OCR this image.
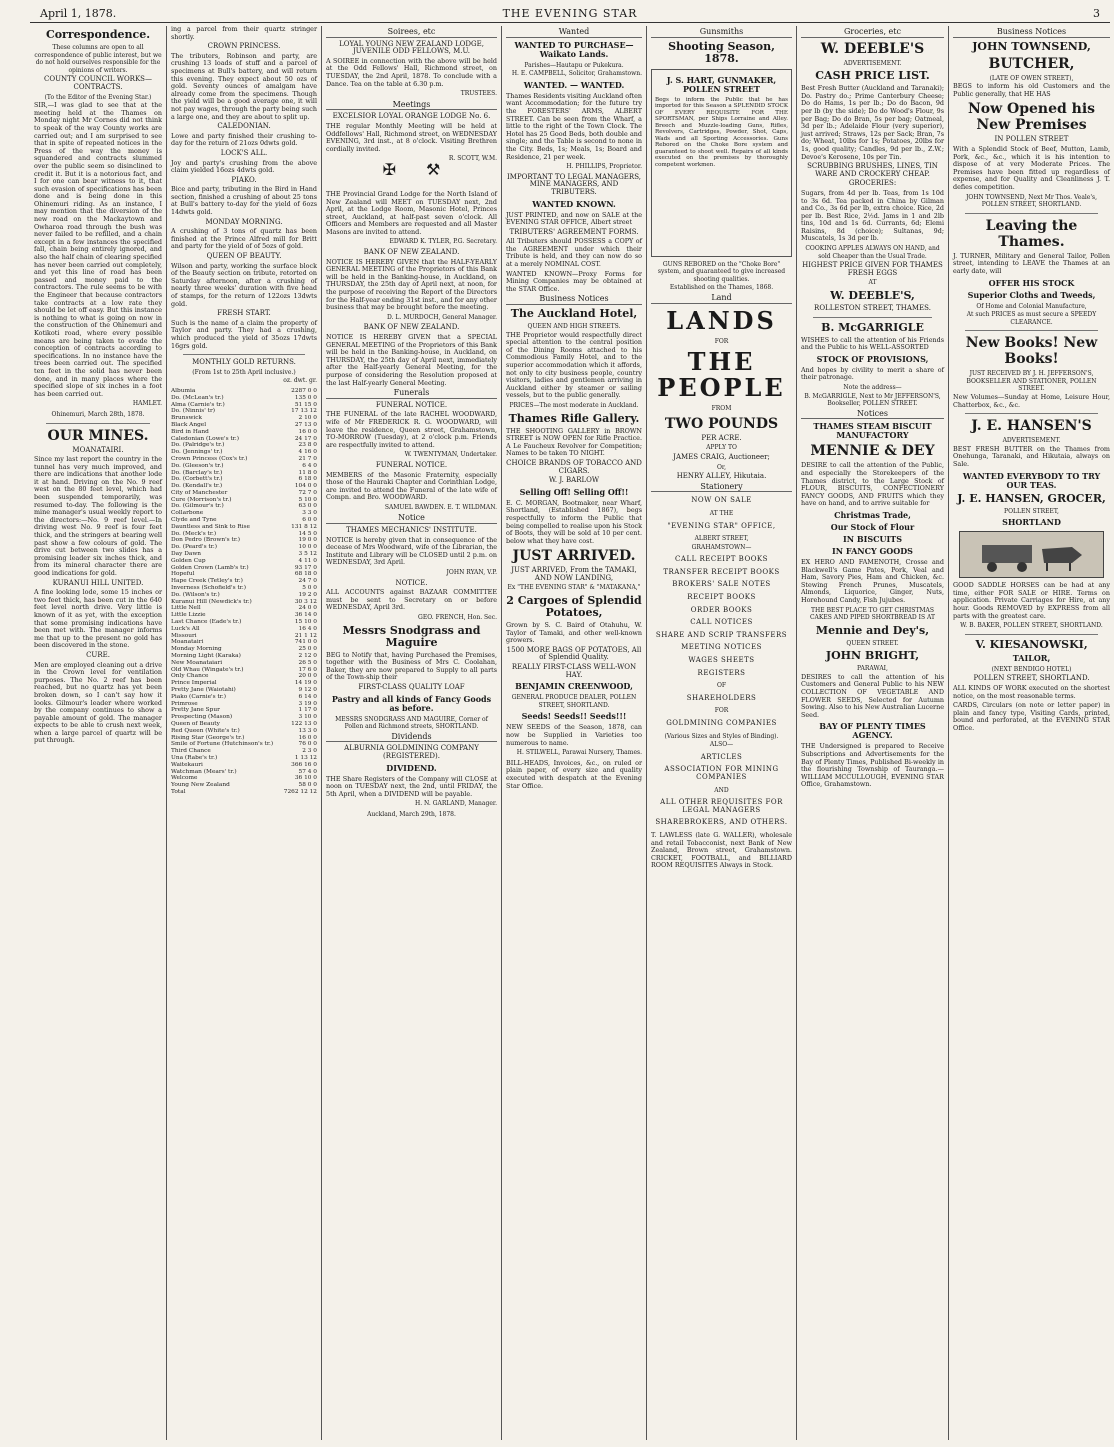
April 1, 1878.	THE EVENING STAR	3
Correspondence.
These columns are open to all correspondence of public interest, but we do not hold ourselves responsible for the opinions of writers.
COUNTY COUNCIL WORKS—CONTRACTS.
(To the Editor of the Evening Star.)
SIR,—I was glad to see that at the meeting held at the Thames on Monday night Mr Cornes did not think to speak of the way County works are carried out; and I am surprised to see that in spite of repeated notices in the Press of the way the money is squandered and contracts slummed over the public seem so disinclined to credit it. But it is a notorious fact, and I for one can bear witness to it, that such evasion of specifications has been done and is being done in this Ohinemuri riding. As an instance, I may mention that the diversion of the new road on the Mackaytown and Owharoa road through the bush was never failed to be refilled, and a chain except in a few instances the specified fall, chain being entirely ignored, and also the half chain of clearing specified has never been carried out completely, and yet this line of road has been passed and money paid to the contractors. The rule seems to be with the Engineer that because contractors take contracts at a low rate they should be let off easy. But this instance is nothing to what is going on now in the construction of the Ohinemuri and Kotikoti road, where every possible means are being taken to evade the conception of contracts according to specifications. In no instance have the trees been carried out. The specified ten feet in the solid has never been done, and in many places where the specified slope of six inches in a foot has been carried out.
HAMLET.
Ohinemuri, March 28th, 1878.
OUR MINES.
MOANATAIRI.
Since my last report the country in the tunnel has very much improved, and there are indications that another lode it at hand. Driving on the No. 9 reef west on the 80 feet level, which had been suspended temporarily, was resumed to-day. The following is the mine manager's usual weekly report to the directors:—No. 9 reef level.—In driving west No. 9 reef is four feet thick, and the stringers at bearing well past show a few colours of gold. The drive cut between two slides has a promising leader six inches thick, and from its mineral character there are good indications for gold.
KURANUI HILL UNITED.
A fine looking lode, some 15 inches or two feet thick, has been cut in the 640 feet level north drive. Very little is known of it as yet, with the exception that some promising indications have been met with. The manager informs me that up to the present no gold has been discovered in the stone.
CURE.
Men are employed cleaning out a drive in the Crown level for ventilation purposes. The No. 2 reef has been reached, but no quartz has yet been broken down, so I can't say how it looks. Gilmour's leader where worked by the company continues to show a payable amount of gold. The manager expects to be able to crush next week, when a large parcel of quartz will be put through.
ing a parcel from their quartz stringer shortly.
CROWN PRINCESS.
The tributers, Robinson and party, are crushing 13 loads of stuff and a parcel of specimens at Bull's battery, and will return this evening. They expect about 50 ozs of gold. Seventy ounces of amalgam have already come from the specimens. Though the yield will be a good average one, it will not pay wages, through the party being such a large one, and they are about to split up.
CALEDONIAN.
Lowe and party finished their crushing to-day for the return of 21ozs 0dwts gold.
LOCK'S ALL.
Joy and party's crushing from the above claim yielded 16ozs 4dwts gold.
PIAKO.
Bice and party, tributing in the Bird in Hand section, finished a crushing of about 25 tons at Bull's battery to-day for the yield of 6ozs 14dwts gold.
MONDAY MORNING.
A crushing of 3 tons of quartz has been finished at the Prince Alfred mill for Britt and party for the yield of of 5ozs of gold.
QUEEN OF BEAUTY.
Wilson and party, working the surface block of the Beauty section on tribute, retorted on Saturday afternoon, after a crushing of nearly three weeks' duration with five head of stamps, for the return of 122ozs 13dwts gold.
FRESH START.
Such is the name of a claim the property of Taylor and party. They had a crushing, which produced the yield of 35ozs 17dwts 16grs gold.
MONTHLY GOLD RETURNS.
(From 1st to 25th April inclusive.)
oz. dwt. gr.
Albumia	2287 0 0
Do. (McLean's tr.)	135 0 0
Alma (Carnie's tr.)	51 15 0
Do. (Ninnis' tr)	17 13 12
Brunswick	2 10 0
Black Angel	27 13 0
Bird in Hand	16 0 0
Caledonian (Lowe's tr.)	24 17 0
Do. (Palridge's tr.)	23 8 0
Do. (Jennings' tr.)	4 16 0
Crown Princess (Cox's tr.)	21 7 0
Do. (Gleeson's tr.)	6 4 0
Do. (Barclay's tr.)	11 8 0
Do. (Corbett's tr.)	6 18 0
Do. (Kendall's tr.)	104 0 0
City of Manchester	72 7 0
Cure (Morrison's tr.)	5 10 0
Do. (Gilmour's tr.)	63 0 0
Collarbone	3 3 0
Clyde and Tyne	6 0 0
Dauntless and Sink to Rise	131 8 12
Do. (Meck's tr.)	14 5 0
Don Pedro (Brown's tr.)	19 0 0
Do. (Peard's tr.)	10 0 0
Day Dawn	3 5 12
Golden Cup	4 11 0
Golden Crown (Lamb's tr.)	93 17 0
Hopeful	68 18 0
Hape Creek (Tetley's tr.)	24 7 0
Inverness (Schofield's tr.)	5 0 0
Do. (Wilson's tr.)	19 2 0
Kuranui Hill (Newdick's tr.)	30 3 12
Little Nell	24 0 0
Little Lizzie	36 14 0
Last Chance (Eade's tr.)	15 10 0
Luck's All	16 4 0
Missouri	21 1 12
Moanatairi	741 0 0
Monday Morning	25 0 0
Morning Light (Karaka)	2 12 0
New Moanataiari	26 5 0
Old Whau (Wingate's tr.)	17 6 0
Only Chance	20 0 0
Prince Imperial	14 19 0
Pretty Jane (Waiotahi)	9 12 0
Piako (Carnie's tr.)	6 14 0
Primrose	3 19 0
Pretty Jane Spur	1 17 0
Prospecting (Mason)	3 10 0
Queen of Beauty	122 13 0
Red Queen (White's tr.)	13 3 0
Rising Star (George's tr.)	16 0 0
Smile of Fortune (Hutchinson's tr.)	76 0 0
Third Chance	2 3 0
Una (Rabe's tr.)	1 13 12
Waitekauri	366 16 0
Watchman (Mears' tr.)	57 4 0
Welcome	36 10 0
Young New Zealand	58 0 0
Total	7262 12 12
Soirees, etc
LOYAL YOUNG NEW ZEALAND LODGE, JUVENILE ODD FELLOWS, M.U.
A SOIREE in connection with the above will be held at the Odd Fellows' Hall, Richmond street, on TUESDAY, the 2nd April, 1878. To conclude with a Dance. Tea on the table at 6.30 p.m.
TRUSTEES.
Meetings
EXCELSIOR LOYAL ORANGE LODGE No. 6.
THE regular Monthly Meeting will be held at Oddfellows' Hall, Richmond street, on WEDNESDAY EVENING, 3rd inst., at 8 o'clock. Visiting Brethren cordially invited.
R. SCOTT, W.M.
✠ ⚒
THE Provincial Grand Lodge for the North Island of New Zealand will MEET on TUESDAY next, 2nd April, at the Lodge Room, Masonic Hotel, Princes street, Auckland, at half-past seven o'clock. All Officers and Members are requested and all Master Masons are invited to attend.
EDWARD K. TYLER, P.G. Secretary.
BANK OF NEW ZEALAND.
NOTICE IS HEREBY GIVEN that the HALF-YEARLY GENERAL MEETING of the Proprietors of this Bank will be held in the Banking-house, in Auckland, on THURSDAY, the 25th day of April next, at noon, for the purpose of receiving the Report of the Directors for the Half-year ending 31st inst., and for any other business that may be brought before the meeting.
D. L. MURDOCH, General Manager.
BANK OF NEW ZEALAND.
NOTICE IS HEREBY GIVEN that a SPECIAL GENERAL MEETING of the Proprietors of this Bank will be held in the Banking-house, in Auckland, on THURSDAY, the 25th day of April next, immediately after the Half-yearly General Meeting, for the purpose of considering the Resolution proposed at the last Half-yearly General Meeting.
Funerals
FUNERAL NOTICE.
THE FUNERAL of the late RACHEL WOODWARD, wife of Mr FREDERICK R. G. WOODWARD, will leave the residence, Queen street, Grahamstown, TO-MORROW (Tuesday), at 2 o'clock p.m. Friends are respectfully invited to attend.
W. TWENTYMAN, Undertaker.
FUNERAL NOTICE.
MEMBERS of the Masonic Fraternity, especially those of the Hauraki Chapter and Corinthian Lodge, are invited to attend the Funeral of the late wife of Compn. and Bro. WOODWARD.
SAMUEL BAWDEN. E. T. WILDMAN.
Notice
THAMES MECHANICS' INSTITUTE.
NOTICE is hereby given that in consequence of the decease of Mrs Woodward, wife of the Librarian, the Institute and Library will be CLOSED until 2 p.m. on WEDNESDAY, 3rd April.
JOHN RYAN, V.P.
NOTICE.
ALL ACCOUNTS against BAZAAR COMMITTEE must be sent to Secretary on or before WEDNESDAY, April 3rd.
GEO. FRENCH, Hon. Sec.
Messrs Snodgrass and Maguire
BEG to Notify that, having Purchased the Premises, together with the Business of Mrs C. Coolahan, Baker, they are now prepared to Supply to all parts of the Town-ship their
FIRST-CLASS QUALITY LOAF
Pastry and all kinds of Fancy Goods as before.
MESSRS SNODGRASS AND MAGUIRE, Corner of Pollen and Richmond streets, SHORTLAND.
Dividends
ALBURNIA GOLDMINING COMPANY (REGISTERED).
DIVIDEND.
THE Share Registers of the Company will CLOSE at noon on TUESDAY next, the 2nd, until FRIDAY, the 5th April, when a DIVIDEND will be payable.
H. N. GARLAND, Manager.
Auckland, March 29th, 1878.
Wanted
WANTED TO PURCHASE— Waikato Lands.
Parishes—Hautapu or Pukekura.
H. E. CAMPBELL, Solicitor, Grahamstown.
WANTED. — WANTED.
Thames Residents visiting Auckland often want Accommodation; for the future try the FORESTERS' ARMS, ALBERT STREET. Can be seen from the Wharf, a little to the right of the Town Clock. The Hotel has 25 Good Beds, both double and single; and the Table is second to none in the City. Beds, 1s; Meals, 1s; Board and Residence, 21 per week.
H. PHILLIPS, Proprietor.
IMPORTANT TO LEGAL MANAGERS, MINE MANAGERS, AND TRIBUTERS.
WANTED KNOWN.
JUST PRINTED, and now on SALE at the EVENING STAR OFFICE, Albert street
TRIBUTERS' AGREEMENT FORMS.
All Tributers should POSSESS a COPY of the AGREEMENT under which their Tribute is held, and they can now do so at a merely NOMINAL COST.
WANTED KNOWN—Proxy Forms for Mining Companies may be obtained at the STAR Office.
Business Notices
The Auckland Hotel,
QUEEN AND HIGH STREETS.
THE Proprietor would respectfully direct special attention to the central position of the Dining Rooms attached to his Commodious Family Hotel, and to the superior accommodation which it affords, not only to city business people, country visitors, ladies and gentlemen arriving in Auckland either by steamer or sailing vessels, but to the public generally.
PRICES—The most moderate in Auckland.
Thames Rifle Gallery.
THE SHOOTING GALLERY in BROWN STREET is NOW OPEN for Rifle Practice. A Le Faucheux Revolver for Competition; Names to be taken TO NIGHT.
CHOICE BRANDS OF TOBACCO AND CIGARS.
W. J. BARLOW
Selling Off! Selling Off!!
E. C. MORGAN, Bootmaker, near Wharf, Shortland, (Established 1867), begs respectfully to inform the Public that being compelled to realise upon his Stock of Boots, they will be sold at 10 per cent. below what they have cost.
JUST ARRIVED.
JUST ARRIVED, From the TAMAKI, AND NOW LANDING,
Ex "THE EVENING STAR" & "MATAKANA,"
2 Cargoes of Splendid Potatoes,
Grown by S. C. Baird of Otahuhu, W. Taylor of Tamaki, and other well-known growers.
1500 MORE BAGS OF POTATOES, All of Splendid Quality.
REALLY FIRST-CLASS WELL-WON HAY.
BENJAMIN CREENWOOD,
GENERAL PRODUCE DEALER, POLLEN STREET, SHORTLAND.
Seeds! Seeds!! Seeds!!!
NEW SEEDS of the Season, 1878, can now be Supplied in Varieties too numerous to name.
H. STILWELL, Parawai Nursery, Thames.
BILL-HEADS, Invoices, &c., on ruled or plain paper, of every size and quality executed with despatch at the Evening Star Office.
Gunsmiths
Shooting Season, 1878.
J. S. HART, GUNMAKER, POLLEN STREET
Begs to inform the Public that he has imported for this Season a SPLENDID STOCK OF EVERY REQUISITE FOR THE SPORTSMAN, per Ships Lorraine and Alley. Breech and Muzzle-loading Guns, Rifles, Revolvers, Cartridges, Powder, Shot, Caps, Wads and all Sporting Accessories. Guns Rebored on the Choke Bore system and guaranteed to shoot well. Repairs of all kinds executed on the premises by thoroughly competent workmen.
GUNS REBORED on the "Choke Bore" system, and guaranteed to give increased shooting qualities.
Established on the Thames, 1868.
Land
LANDS
FOR
THE PEOPLE
FROM
TWO POUNDS
PER ACRE.
APPLY TO
JAMES CRAIG, Auctioneer;
Or,
HENRY ALLEY, Hikutaia.
Stationery
NOW ON SALE
AT THE
"EVENING STAR" OFFICE,
ALBERT STREET,
GRAHAMSTOWN—
CALL RECEIPT BOOKS
TRANSFER RECEIPT BOOKS
BROKERS' SALE NOTES
RECEIPT BOOKS
ORDER BOOKS
CALL NOTICES
SHARE AND SCRIP TRANSFERS
MEETING NOTICES
WAGES SHEETS
REGISTERS
OF
SHAREHOLDERS
FOR
GOLDMINING COMPANIES
(Various Sizes and Styles of Binding).
ALSO—
ARTICLES
ASSOCIATION FOR MINING COMPANIES
AND
ALL OTHER REQUISITES FOR LEGAL MANAGERS
SHAREBROKERS, AND OTHERS.
T. LAWLESS (late G. WALLER), wholesale and retail Tobacconist, next Bank of New Zealand, Brown street, Grahamstown. CRICKET, FOOTBALL, and BILLIARD ROOM REQUISITES Always in Stock.
Groceries, etc
W. DEEBLE'S
ADVERTISEMENT.
CASH PRICE LIST.
Best Fresh Butter (Auckland and Taranaki); Do. Pastry do.; Prime Canterbury Cheese; Do do Hams, 1s per lb.; Do do Bacon, 9d per lb (by the side); Do do Wood's Flour, 9s per Bag; Do do Bran, 5s per bag; Oatmeal, 3d per lb.; Adelaide Flour (very superior), just arrived; Straws, 12s per Sack; Bran, 7s do; Wheat, 10lbs for 1s; Potatoes, 20lbs for 1s, good quality; Candles, 9d per lb., Z.W.; Devoe's Kerosene, 10s per Tin.
SCRUBBING BRUSHES, LINES, TIN WARE AND CROCKERY CHEAP.
GROCERIES:
Sugars, from 4d per lb. Teas, from 1s 10d to 3s 6d. Tea packed in China by Gilman and Co., 3s 6d per lb, extra choice. Rice, 2d per lb. Best Rice, 2½d. Jams in 1 and 2lb tins, 10d and 1s 6d. Currants, 6d; Elemi Raisins, 8d (choice); Sultanas, 9d; Muscatels, 1s 3d per lb.
COOKING APPLES ALWAYS ON HAND, and sold Cheaper than the Usual Trade.
HIGHEST PRICE GIVEN FOR THAMES FRESH EGGS
AT
W. DEEBLE'S,
ROLLESTON STREET, THAMES.
B. McGARRIGLE
WISHES to call the attention of his Friends and the Public to his WELL-ASSORTED
STOCK OF PROVISIONS,
And hopes by civility to merit a share of their patronage.
Note the address—
B. McGARRIGLE, Next to Mr JEFFERSON'S, Bookseller, POLLEN STREET.
Notices
THAMES STEAM BISCUIT MANUFACTORY
MENNIE & DEY
DESIRE to call the attention of the Public, and especially the Storekeepers of the Thames district, to the Large Stock of FLOUR, BISCUITS, CONFECTIONERY FANCY GOODS, AND FRUITS which they have on hand, and to arrive suitable for
Christmas Trade,
Our Stock of Flour
IN BISCUITS
IN FANCY GOODS
EX HERO AND FAMENOTH, Crosse and Blackwell's Game Pates, Pork, Veal and Ham, Savory Pies, Ham and Chicken, &c. Stewing French Prunes, Muscatels, Almonds, Liquorice, Ginger, Nuts, Horehound Candy, Fish Jujubes.
THE BEST PLACE TO GET CHRISTMAS CAKES AND PIPED SHORTBREAD IS AT
Mennie and Dey's,
QUEEN STREET.
JOHN BRIGHT,
PARAWAI,
DESIRES to call the attention of his Customers and General Public to his NEW COLLECTION OF VEGETABLE AND FLOWER SEEDS, Selected for Autumn Sowing. Also to his New Australian Lucerne Seed.
BAY OF PLENTY TIMES AGENCY.
THE Undersigned is prepared to Receive Subscriptions and Advertisements for the Bay of Plenty Times, Published Bi-weekly in the flourishing Township of Tauranga.— WILLIAM MCCULLOUGH, EVENING STAR Office, Grahamstown.
Business Notices
JOHN TOWNSEND,
BUTCHER,
(LATE OF OWEN STREET),
BEGS to inform his old Customers and the Public generally, that HE HAS
Now Opened his New Premises
IN POLLEN STREET
With a Splendid Stock of Beef, Mutton, Lamb, Pork, &c., &c., which it is his intention to dispose of at very Moderate Prices. The Premises have been fitted up regardless of expense, and for Quality and Cleanliness J. T. defies competition.
JOHN TOWNSEND, Next Mr Thos. Veale's, POLLEN STREET, SHORTLAND.
Leaving the Thames.
J. TURNER, Military and General Tailor, Pollen street, intending to LEAVE the Thames at an early date, will
OFFER HIS STOCK
Superior Cloths and Tweeds,
Of Home and Colonial Manufacture,
At such PRICES as must secure a SPEEDY CLEARANCE.
New Books! New Books!
JUST RECEIVED BY J. H. JEFFERSON'S, BOOKSELLER AND STATIONER, POLLEN STREET.
New Volumes—Sunday at Home, Leisure Hour, Chatterbox, &c., &c.
J. E. HANSEN'S
ADVERTISEMENT.
BEST FRESH BUTTER on the Thames from Onehunga, Taranaki, and Hikutaia, always on Sale.
WANTED EVERYBODY TO TRY OUR TEAS.
J. E. HANSEN, GROCER,
POLLEN STREET,
SHORTLAND
GOOD SADDLE HORSES can be had at any time, either FOR SALE or HIRE. Terms on application. Private Carriages for Hire, at any hour. Goods REMOVED by EXPRESS from all parts with the greatest care.
W. B. BAKER, POLLEN STREET, SHORTLAND.
V. KIESANOWSKI,
TAILOR,
(NEXT BENDIGO HOTEL)
POLLEN STREET, SHORTLAND.
ALL KINDS OF WORK executed on the shortest notice, on the most reasonable terms.
CARDS, Circulars (on note or letter paper) in plain and fancy type, Visiting Cards, printed, bound and perforated, at the EVENING STAR Office.
